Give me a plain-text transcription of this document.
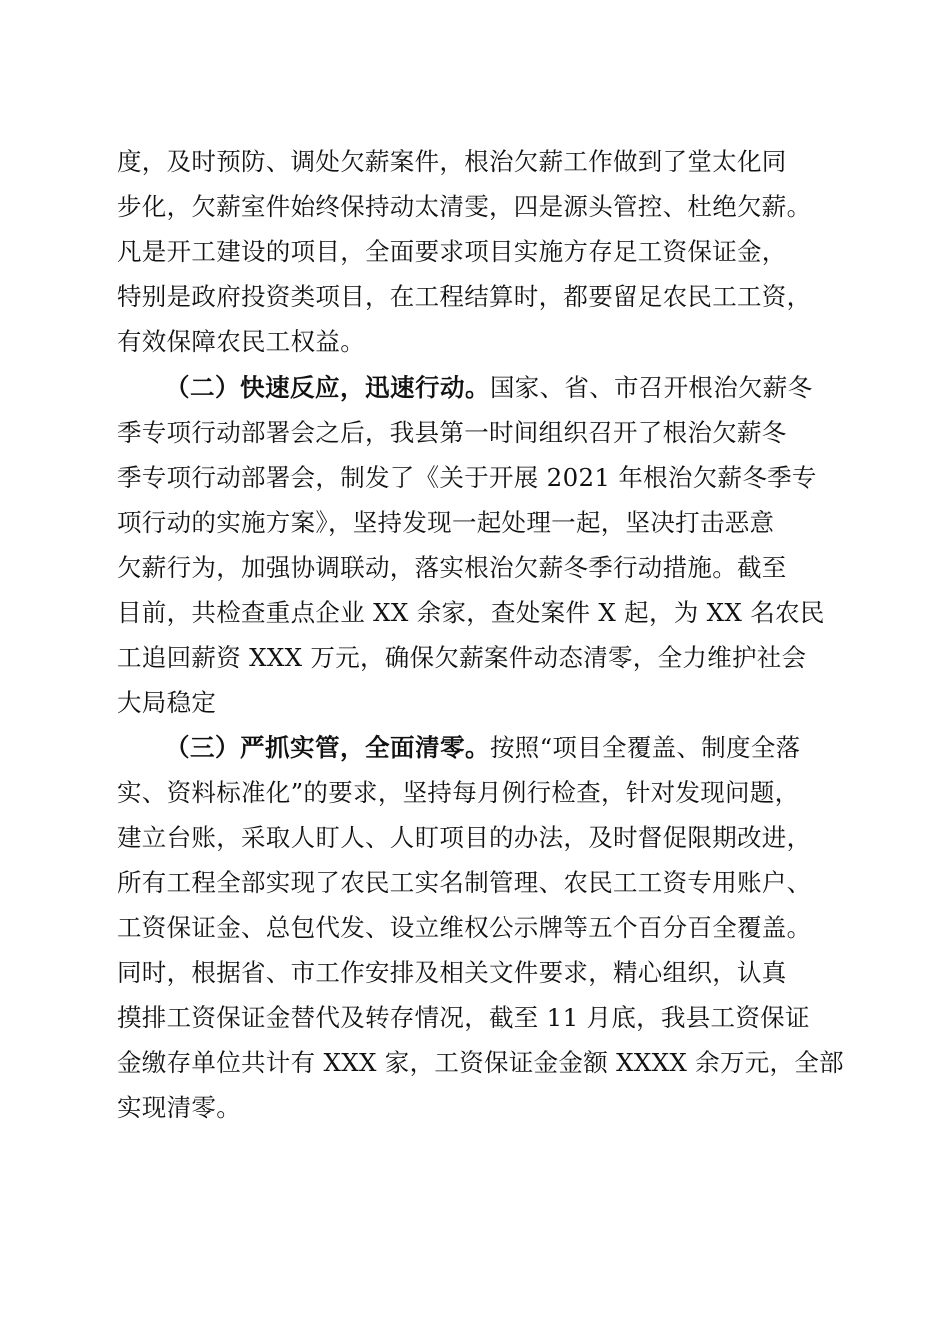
度，及时预防、调处欠薪案件，根治欠薪工作做到了堂太化同
步化，欠薪室件始终保持动太清雯，四是源头管控、杜绝欠薪。
凡是开工建设的项目，全面要求项目实施方存足工资保证金，
特别是政府投资类项目，在工程结算时，都要留足农民工工资，
有效保障农民工权益。
（二）快速反应，迅速行动。国家、省、市召开根治欠薪冬
季专项行动部署会之后，我县第一时间组织召开了根治欠薪冬
季专项行动部署会，制发了《关于开展 2021 年根治欠薪冬季专
项行动的实施方案》，坚持发现一起处理一起，坚决打击恶意
欠薪行为，加强协调联动，落实根治欠薪冬季行动措施。截至
目前，共检查重点企业 XX 余家，查处案件 X 起，为 XX 名农民
工追回薪资 XXX 万元，确保欠薪案件动态清零，全力维护社会
大局稳定
（三）严抓实管，全面清零。按照“项目全覆盖、制度全落
实、资料标准化”的要求，坚持每月例行检查，针对发现问题，
建立台账，采取人盯人、人盯项目的办法，及时督促限期改进，
所有工程全部实现了农民工实名制管理、农民工工资专用账户、
工资保证金、总包代发、设立维权公示牌等五个百分百全覆盖。
同时，根据省、市工作安排及相关文件要求，精心组织，认真
摸排工资保证金替代及转存情况，截至 11 月底，我县工资保证
金缴存单位共计有 XXX 家，工资保证金金额 XXXX 余万元，全部
实现清零。
